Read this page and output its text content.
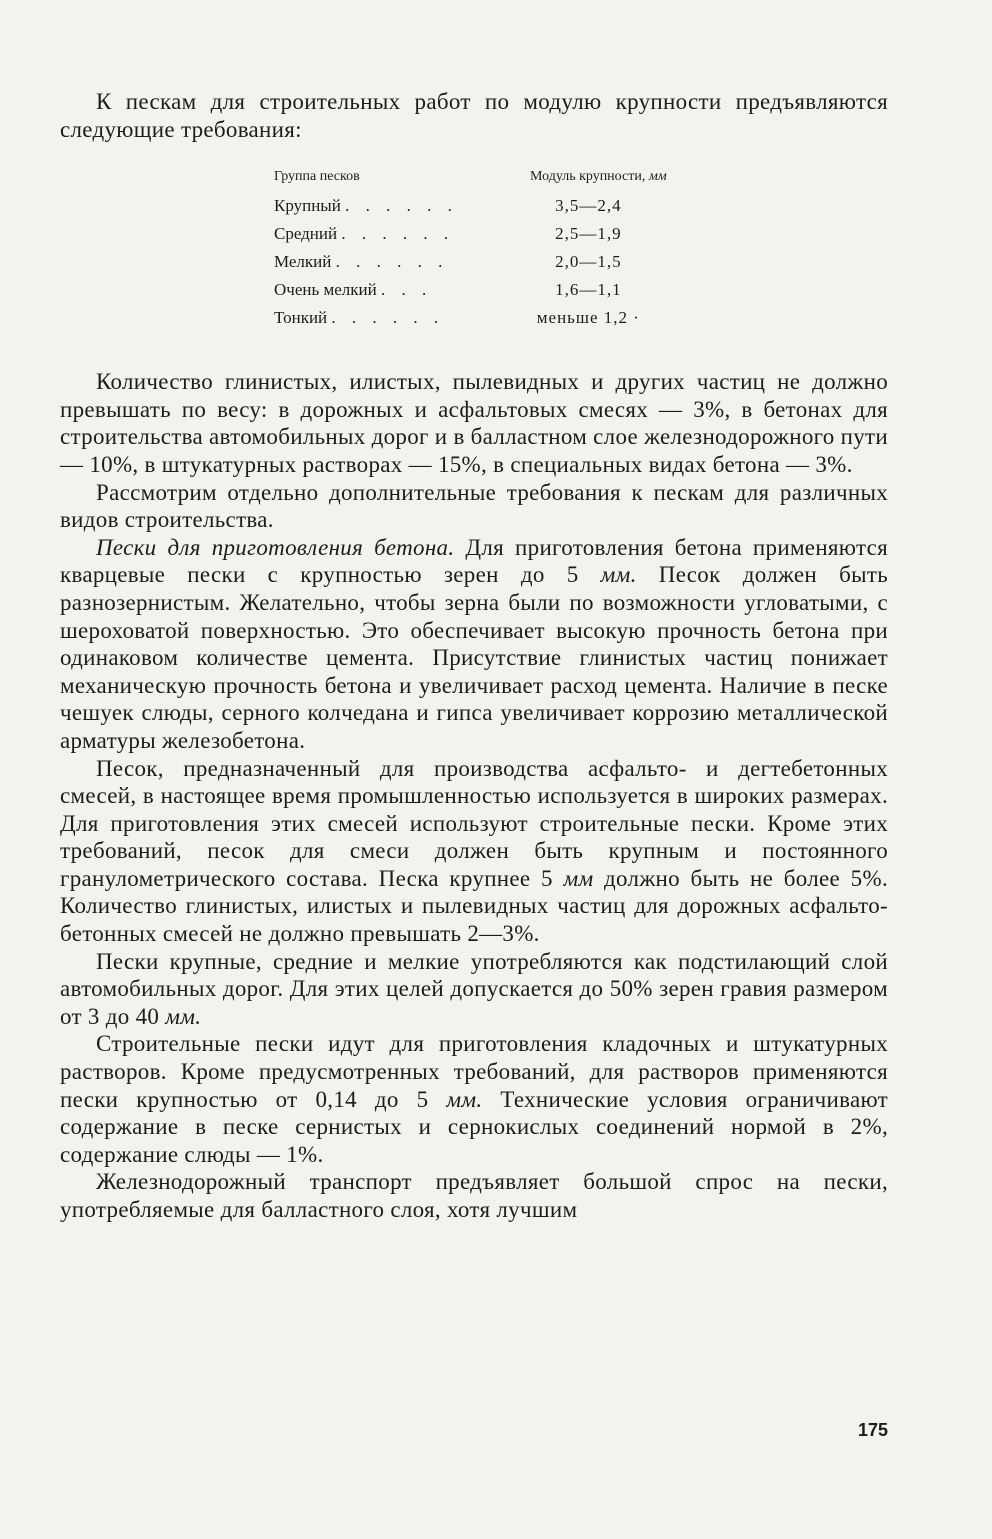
К пескам для строительных работ по модулю крупности предъявляются следующие требования:

Группа песков	Модуль крупности, мм
Крупный . . . . . .	3,5—2,4
Средний . . . . . .	2,5—1,9
Мелкий . . . . . .	2,0—1,5
Очень мелкий . . .	1,6—1,1
Тонкий . . . . . .	меньше 1,2 ·

Количество глинистых, илистых, пылевидных и других частиц не должно превышать по весу: в дорожных и асфальтовых смесях — 3%, в бетонах для строительства автомобильных дорог и в балластном слое железнодорожного пути — 10%, в штукатурных растворах — 15%, в специальных видах бетона — 3%.

Рассмотрим отдельно дополнительные требования к пескам для различных видов строительства.

Пески для приготовления бетона. Для приготовления бетона применяются кварцевые пески с крупностью зерен до 5 мм. Песок должен быть разнозернистым. Желательно, чтобы зерна были по возможности угловатыми, с шероховатой поверхностью. Это обеспечивает высокую прочность бетона при одинаковом количестве цемента. Присутствие глинистых частиц понижает механическую прочность бетона и увеличивает расход цемента. Наличие в песке чешуек слюды, серного колчедана и гипса увеличивает коррозию металлической арматуры железобетона.

Песок, предназначенный для производства асфальто- и дегтебетонных смесей, в настоящее время промышленностью используется в широких размерах. Для приготовления этих смесей используют строительные пески. Кроме этих требований, песок для смеси должен быть крупным и постоянного гранулометрического состава. Песка крупнее 5 мм должно быть не более 5%. Количество глинистых, илистых и пылевидных частиц для дорожных асфальто-бетонных смесей не должно превышать 2—3%.

Пески крупные, средние и мелкие употребляются как подстилающий слой автомобильных дорог. Для этих целей допускается до 50% зерен гравия размером от 3 до 40 мм.

Строительные пески идут для приготовления кладочных и штукатурных растворов. Кроме предусмотренных требований, для растворов применяются пески крупностью от 0,14 до 5 мм. Технические условия ограничивают содержание в песке сернистых и сернокислых соединений нормой в 2%, содержание слюды — 1%.

Железнодорожный транспорт предъявляет большой спрос на пески, употребляемые для балластного слоя, хотя лучшим

175
